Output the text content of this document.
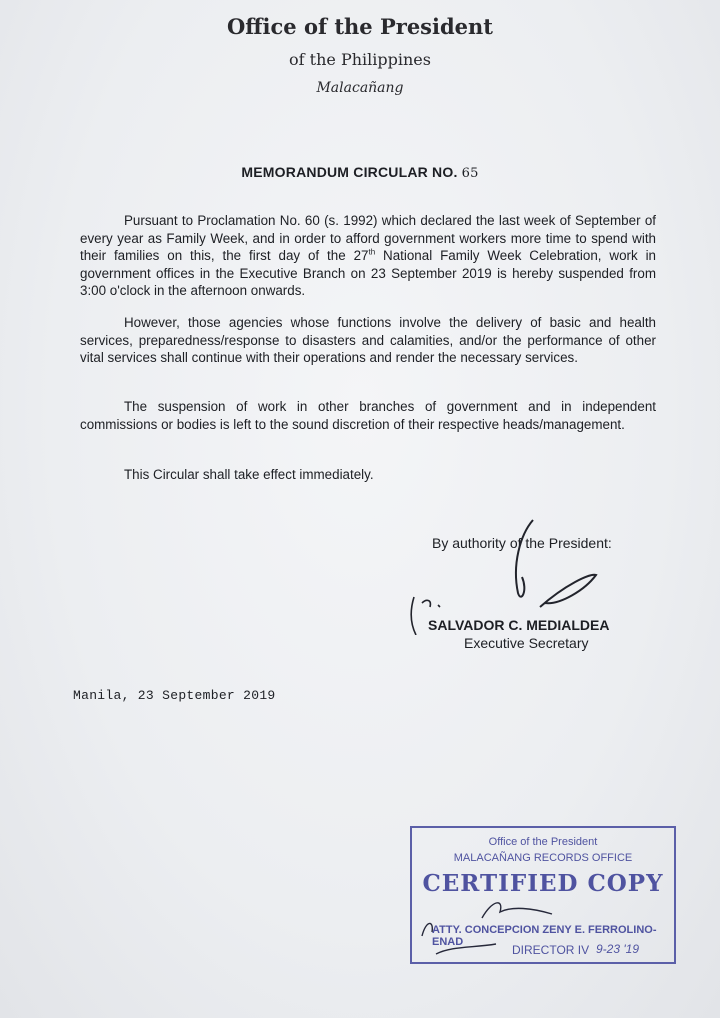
Office of the President
of the Philippines
Malacañang
MEMORANDUM CIRCULAR NO. 65

Pursuant to Proclamation No. 60 (s. 1992) which declared the last week of September of every year as Family Week, and in order to afford government workers more time to spend with their families on this, the first day of the 27th National Family Week Celebration, work in government offices in the Executive Branch on 23 September 2019 is hereby suspended from 3:00 o'clock in the afternoon onwards.

However, those agencies whose functions involve the delivery of basic and health services, preparedness/response to disasters and calamities, and/or the performance of other vital services shall continue with their operations and render the necessary services.

The suspension of work in other branches of government and in independent commissions or bodies is left to the sound discretion of their respective heads/management.

This Circular shall take effect immediately.

By authority of the President:
SALVADOR C. MEDIALDEA
Executive Secretary
Manila, 23 September 2019
Office of the President
MALACAÑANG RECORDS OFFICE
CERTIFIED COPY
ATTY. CONCEPCION ZENY E. FERROLINO-ENAD
DIRECTOR IV 9-23 '19
